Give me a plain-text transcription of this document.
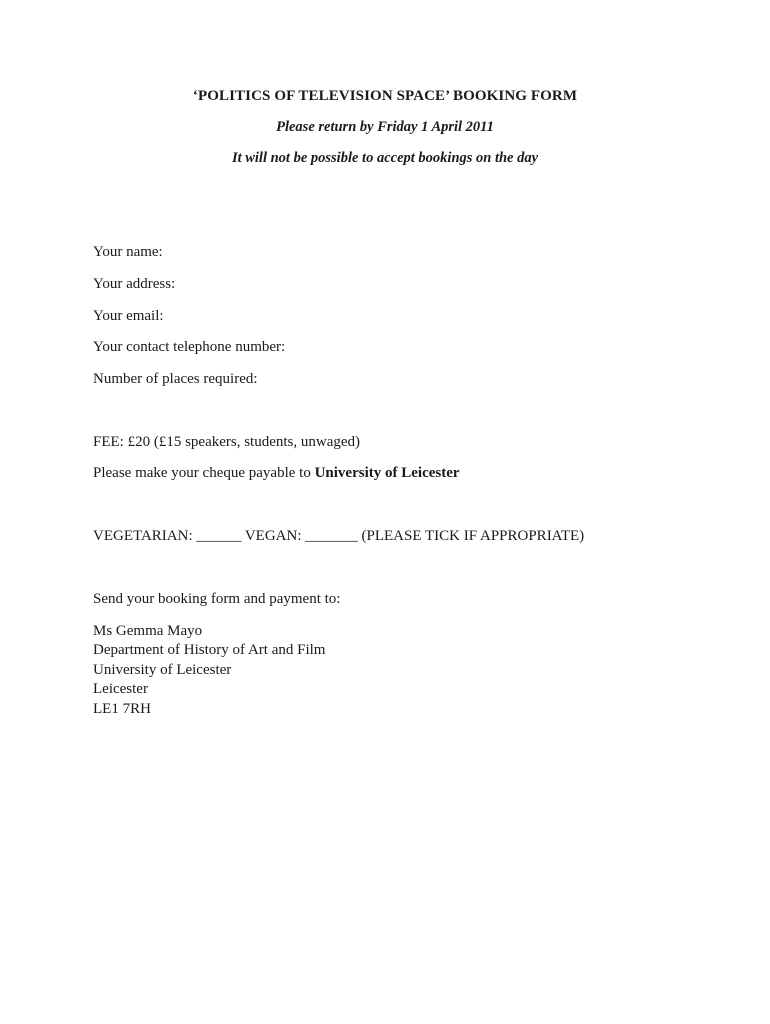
‘POLITICS OF TELEVISION SPACE’ BOOKING FORM
Please return by Friday 1 April 2011
It will not be possible to accept bookings on the day
Your name:
Your address:
Your email:
Your contact telephone number:
Number of places required:
FEE: £20 (£15 speakers, students, unwaged)
Please make your cheque payable to University of Leicester
VEGETARIAN: ______ VEGAN: _______ (PLEASE TICK IF APPROPRIATE)
Send your booking form and payment to:
Ms Gemma Mayo
Department of History of Art and Film
University of Leicester
Leicester
LE1 7RH
